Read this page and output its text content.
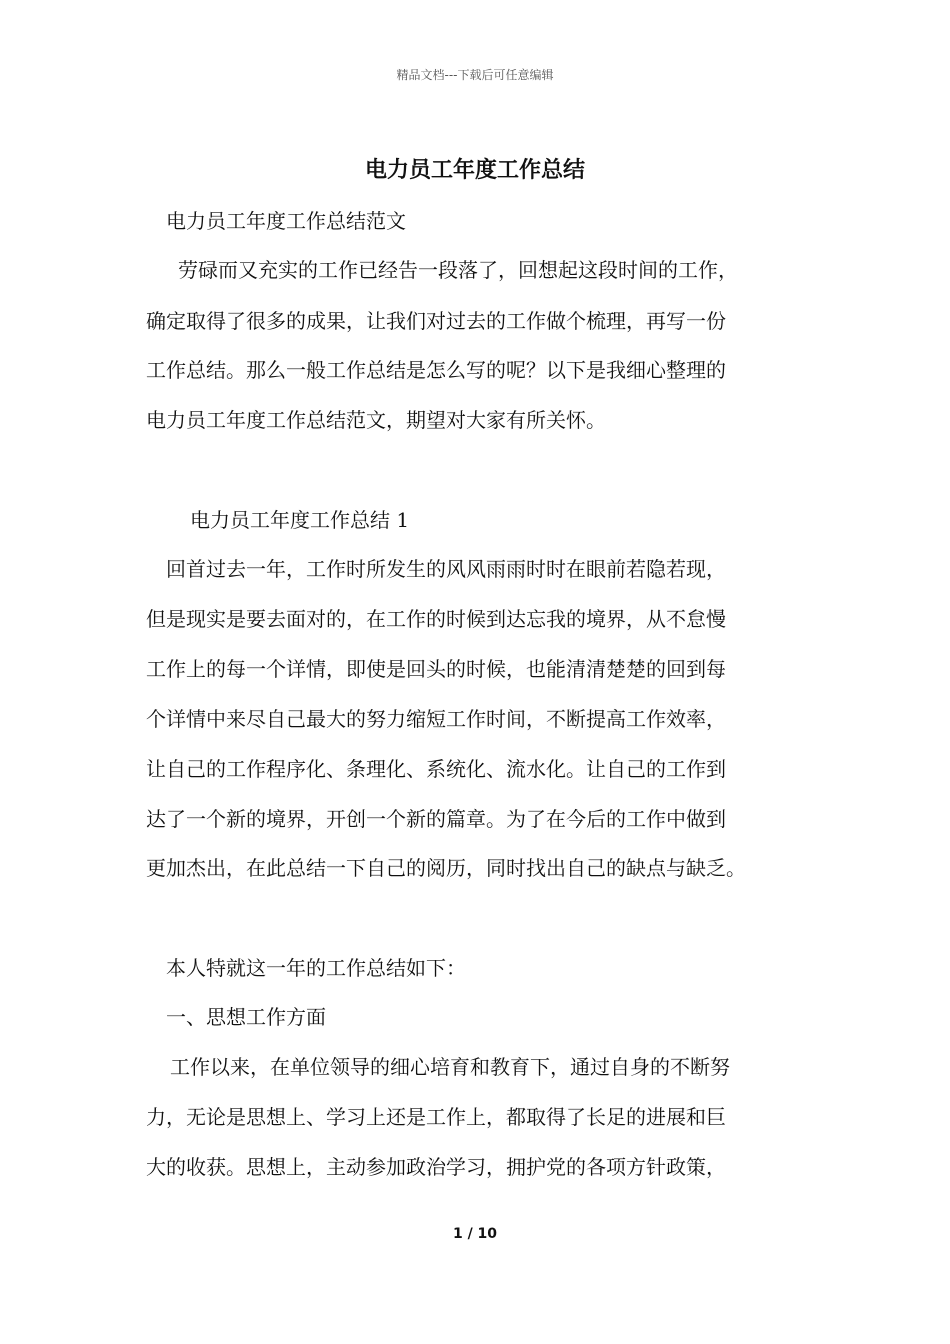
精品文档---下载后可任意编辑
电力员工年度工作总结
电力员工年度工作总结范文
劳碌而又充实的工作已经告一段落了，回想起这段时间的工作，
确定取得了很多的成果，让我们对过去的工作做个梳理，再写一份
工作总结。那么一般工作总结是怎么写的呢？以下是我细心整理的
电力员工年度工作总结范文，期望对大家有所关怀。
电力员工年度工作总结 1
回首过去一年，工作时所发生的风风雨雨时时在眼前若隐若现，
但是现实是要去面对的，在工作的时候到达忘我的境界，从不怠慢
工作上的每一个详情，即使是回头的时候，也能清清楚楚的回到每
个详情中来尽自己最大的努力缩短工作时间，不断提高工作效率，
让自己的工作程序化、条理化、系统化、流水化。让自己的工作到
达了一个新的境界，开创一个新的篇章。为了在今后的工作中做到
更加杰出，在此总结一下自己的阅历，同时找出自己的缺点与缺乏。
本人特就这一年的工作总结如下：
一、思想工作方面
工作以来，在单位领导的细心培育和教育下，通过自身的不断努
力，无论是思想上、学习上还是工作上，都取得了长足的进展和巨
大的收获。思想上，主动参加政治学习，拥护党的各项方针政策，
1 / 10
